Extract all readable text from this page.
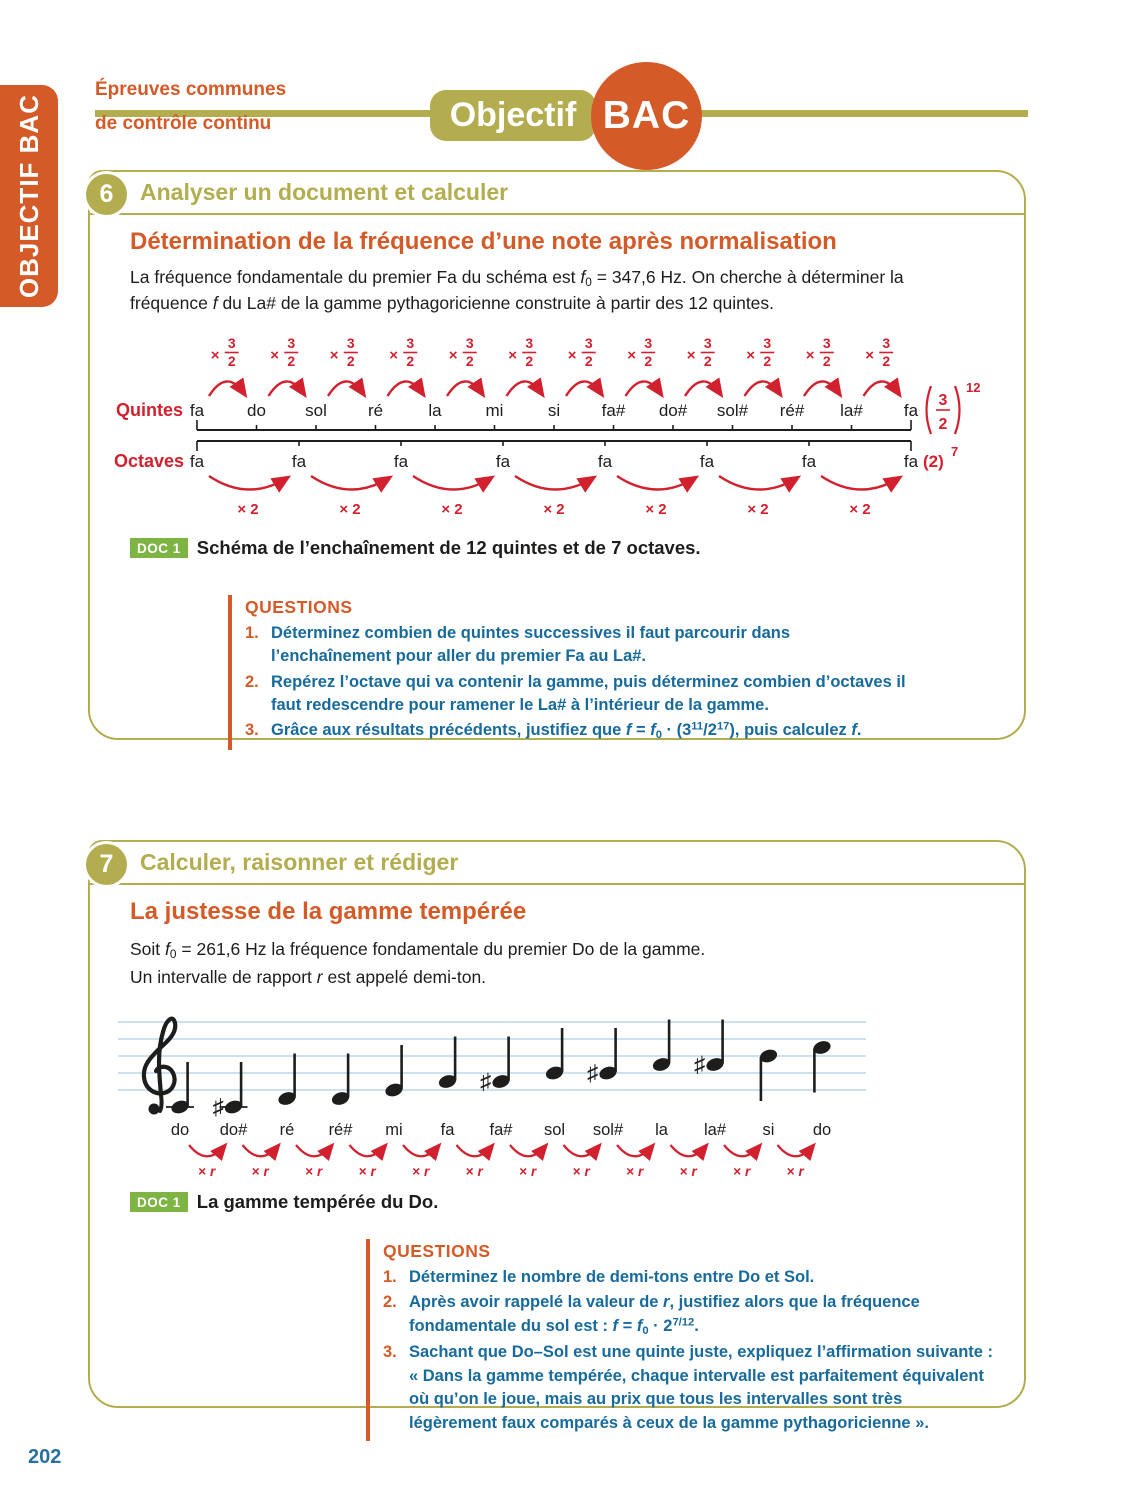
OBJECTIF BAC
Épreuves communes
de contrôle continu	Objectif BAC
6	Analyser un document et calculer
Détermination de la fréquence d’une note après normalisation

La fréquence fondamentale du premier Fa du schéma est $f_0 = 347,6$ Hz. On cherche à déterminer la fréquence f du La# de la gamme pythagoricienne construite à partir des 12 quintes.

Quintes
Octaves
fa
×
3
2
do
×
3
2
sol
×
3
2
ré
×
3
2
la
×
3
2
mi
×
3
2
si
×
3
2
fa#
×
3
2
do#
×
3
2
sol#
×
3
2
ré#
×
3
2
la#
×
3
2
fa
3
2
12
fa
× 2
fa
× 2
fa
× 2
fa
× 2
fa
× 2
fa
× 2
fa
× 2
fa (2)
7
DOC 1 Schéma de l’enchaînement de 12 quintes et de 7 octaves.
QUESTIONS
1. Déterminez combien de quintes successives il faut parcourir dans l’enchaînement pour aller du premier Fa au La#.
2. Repérez l’octave qui va contenir la gamme, puis déterminez combien d’octaves il faut redescendre pour ramener le La# à l’intérieur de la gamme.
3. Grâce aux résultats précédents, justifiez que $f = f_0 \cdot (3^{11}/2^{17})$, puis calculez f.
7	Calculer, raisonner et rédiger
La justesse de la gamme tempérée

Soit $f_0 = 261,6$ Hz la fréquence fondamentale du premier Do de la gamme.

Un intervalle de rapport r est appelé demi-ton.

do
× r
♯
do#
× r
ré
× r
ré#
× r
mi
× r
fa
× r
♯
fa#
× r
sol
× r
♯
sol#
× r
la
× r
♯
la#
× r
si
× r
do
DOC 1 La gamme tempérée du Do.
QUESTIONS
1. Déterminez le nombre de demi-tons entre Do et Sol.
2. Après avoir rappelé la valeur de r, justifiez alors que la fréquence fondamentale du sol est : $f = f_0 \cdot 2^{7/12}$.
3. Sachant que Do–Sol est une quinte juste, expliquez l’affirmation suivante : « Dans la gamme tempérée, chaque intervalle est parfaitement équivalent où qu’on le joue, mais au prix que tous les intervalles sont très légèrement faux comparés à ceux de la gamme pythagoricienne ».
202
